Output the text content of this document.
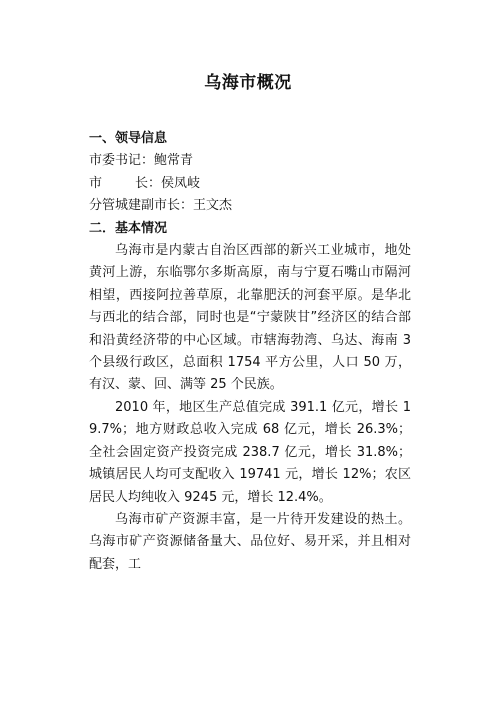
乌海市概况

一、领导信息

市委书记：鲍常青

市	长：侯凤岐

分管城建副市长：王文杰

二．基本情况

乌海市是内蒙古自治区西部的新兴工业城市，地处黄河上游，东临鄂尔多斯高原，南与宁夏石嘴山市隔河相望，西接阿拉善草原，北靠肥沃的河套平原。是华北与西北的结合部，同时也是“宁蒙陕甘”经济区的结合部和沿黄经济带的中心区域。市辖海勃湾、乌达、海南 3 个县级行政区，总面积 1754 平方公里，人口 50 万，有汉、蒙、回、满等 25 个民族。

2010 年，地区生产总值完成 391.1 亿元，增长 19.7%；地方财政总收入完成 68 亿元，增长 26.3%；全社会固定资产投资完成 238.7 亿元，增长 31.8%；城镇居民人均可支配收入 19741 元，增长 12%；农区居民人均纯收入 9245 元，增长 12.4%。

乌海市矿产资源丰富，是一片待开发建设的热土。乌海市矿产资源储备量大、品位好、易开采，并且相对配套，工
